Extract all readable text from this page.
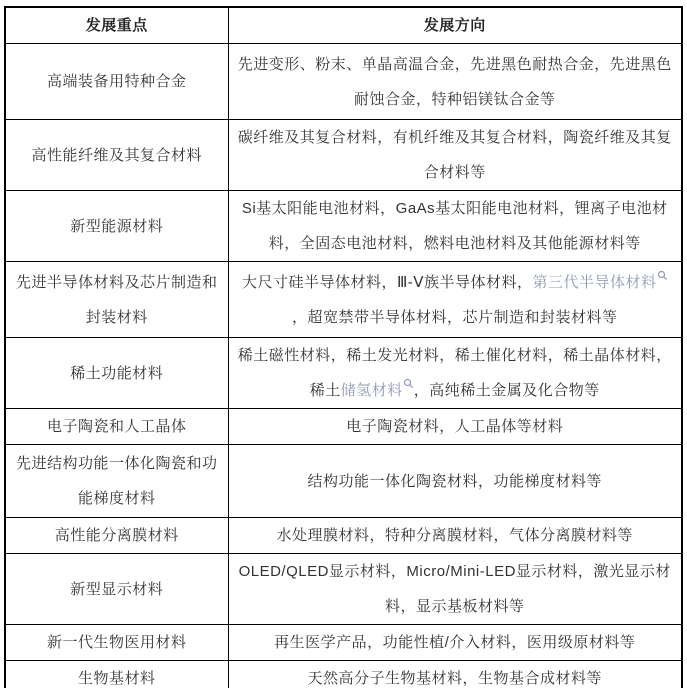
发展重点	发展方向
高端装备用特种合金	先进变形、粉末、单晶高温合金，先进黑色耐热合金，先进黑色耐蚀合金，特种铝镁钛合金等
高性能纤维及其复合材料	碳纤维及其复合材料，有机纤维及其复合材料，陶瓷纤维及其复合材料等
新型能源材料	Si基太阳能电池材料，GaAs基太阳能电池材料，锂离子电池材料，全固态电池材料，燃料电池材料及其他能源材料等
先进半导体材料及芯片制造和封装材料	大尺寸硅半导体材料，Ⅲ-Ⅴ族半导体材料，第三代半导体材料，超宽禁带半导体材料，芯片制造和封装材料等
稀土功能材料	稀土磁性材料，稀土发光材料，稀土催化材料，稀土晶体材料，稀土储氢材料 ，高纯稀土金属及化合物等
电子陶瓷和人工晶体	电子陶瓷材料，人工晶体等材料
先进结构功能一体化陶瓷和功能梯度材料	结构功能一体化陶瓷材料，功能梯度材料等
高性能分离膜材料	水处理膜材料，特种分离膜材料，气体分离膜材料等
新型显示材料	OLED/QLED显示材料，Micro/Mini-LED显示材料，激光显示材料，显示基板材料等
新一代生物医用材料	再生医学产品，功能性植/介入材料，医用级原材料等
生物基材料	天然高分子生物基材料，生物基合成材料等
